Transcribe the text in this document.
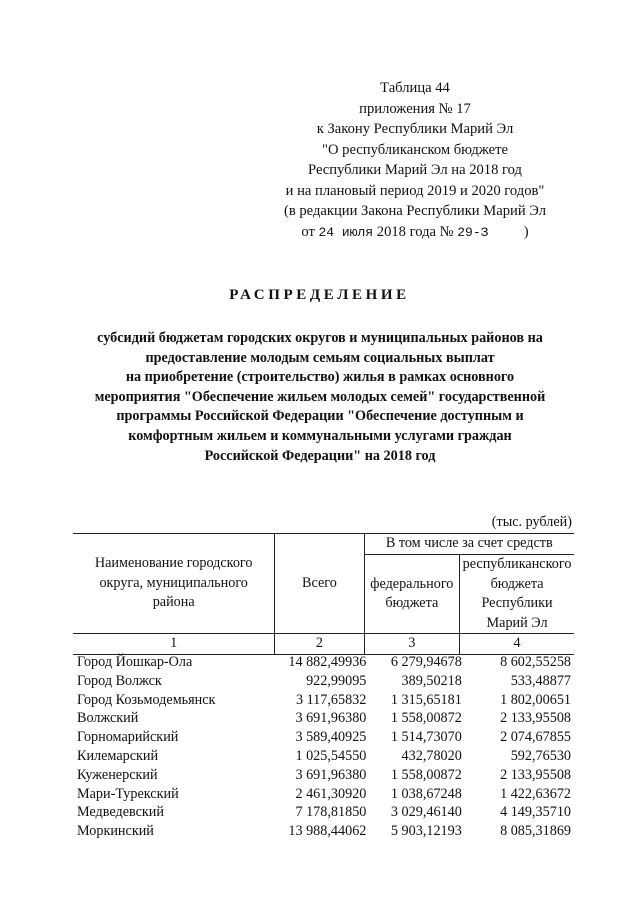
Таблица 44
приложения № 17
к Закону Республики Марий Эл
"О республиканском бюджете
Республики Марий Эл на 2018 год
и на плановый период 2019 и 2020 годов"
(в редакции Закона Республики Марий Эл
от 24 июля 2018 года № 29-З )
РАСПРЕДЕЛЕНИЕ
субсидий бюджетам городских округов и муниципальных районов на
предоставление молодым семьям социальных выплат
на приобретение (строительство) жилья в рамках основного
мероприятия "Обеспечение жильем молодых семей" государственной
программы Российской Федерации "Обеспечение доступным и
комфортным жильем и коммунальными услугами граждан
Российской Федерации" на 2018 год
(тыс. рублей)
Наименование городского округа, муниципального района	Всего	В том числе за счет средств	
		федерального бюджета	республиканского бюджета Республики Марий Эл
1	2	3	4
Город Йошкар-Ола	14 882,49936	6 279,94678	8 602,55258
Город Волжск	922,99095	389,50218	533,48877
Город Козьмодемьянск	3 117,65832	1 315,65181	1 802,00651
Волжский	3 691,96380	1 558,00872	2 133,95508
Горномарийский	3 589,40925	1 514,73070	2 074,67855
Килемарский	1 025,54550	432,78020	592,76530
Куженерский	3 691,96380	1 558,00872	2 133,95508
Мари-Турекский	2 461,30920	1 038,67248	1 422,63672
Медведевский	7 178,81850	3 029,46140	4 149,35710
Моркинский	13 988,44062	5 903,12193	8 085,31869
